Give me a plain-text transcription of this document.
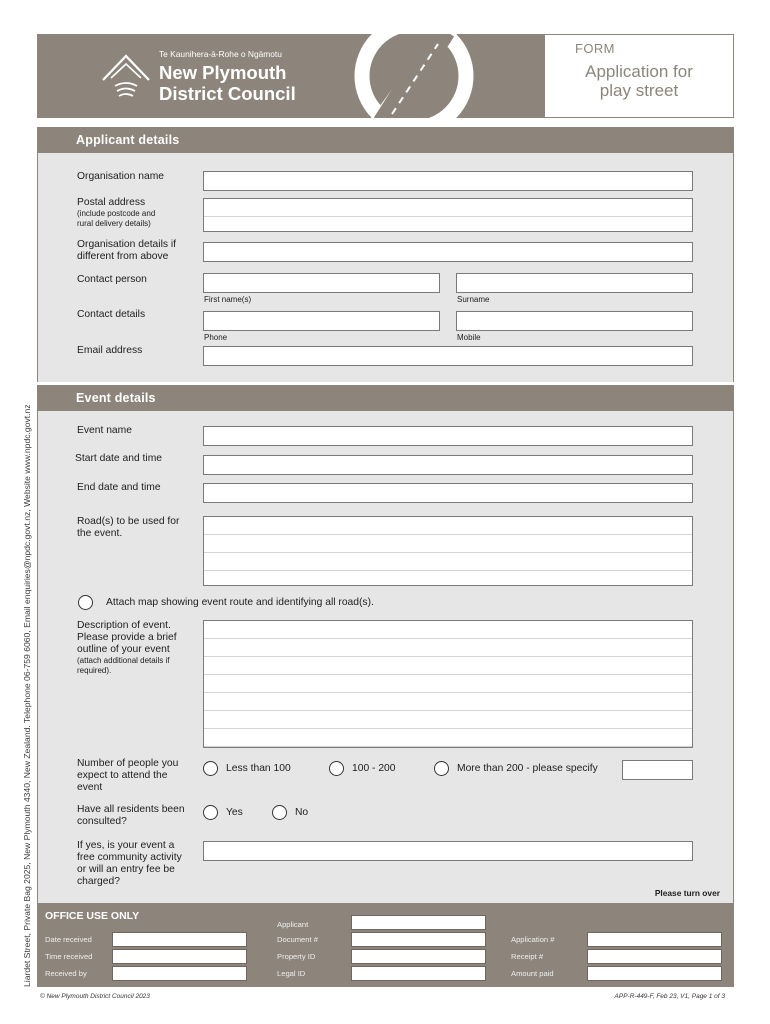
Liardet Street, Private Bag 2025, New Plymouth 4340, New Zealand. Telephone 06-759 6060, Email enquiries@npdc.govt.nz, Website www.npdc.govt.nz
Te Kaunihera-ā-Rohe o Ngāmotu
New Plymouth
District Council
FORM
Application for
play street
Applicant details
Organisation name
Postal address
(include postcode and
rural delivery details)
Organisation details if
different from above
Contact person
First name(s)	Surname
Contact details
Phone	Mobile
Email address
Event details
Event name
Start date and time
End date and time
Road(s) to be used for
the event.
Attach map showing event route and identifying all road(s).
Description of event.
Please provide a brief
outline of your event
(attach additional details if
required).
Number of people you
expect to attend the
event
Less than 100	100 - 200	More than 200 - please specify
Have all residents been
consulted?
Yes	No
If yes, is your event a
free community activity
or will an entry fee be
charged?
Please turn over
OFFICE USE ONLY
Date received
Time received
Received by
Applicant
Document #
Property ID
Legal ID
Application #
Receipt #
Amount paid
© New Plymouth District Council 2023	APP-R-449-F, Feb 23, V1, Page 1 of 3
